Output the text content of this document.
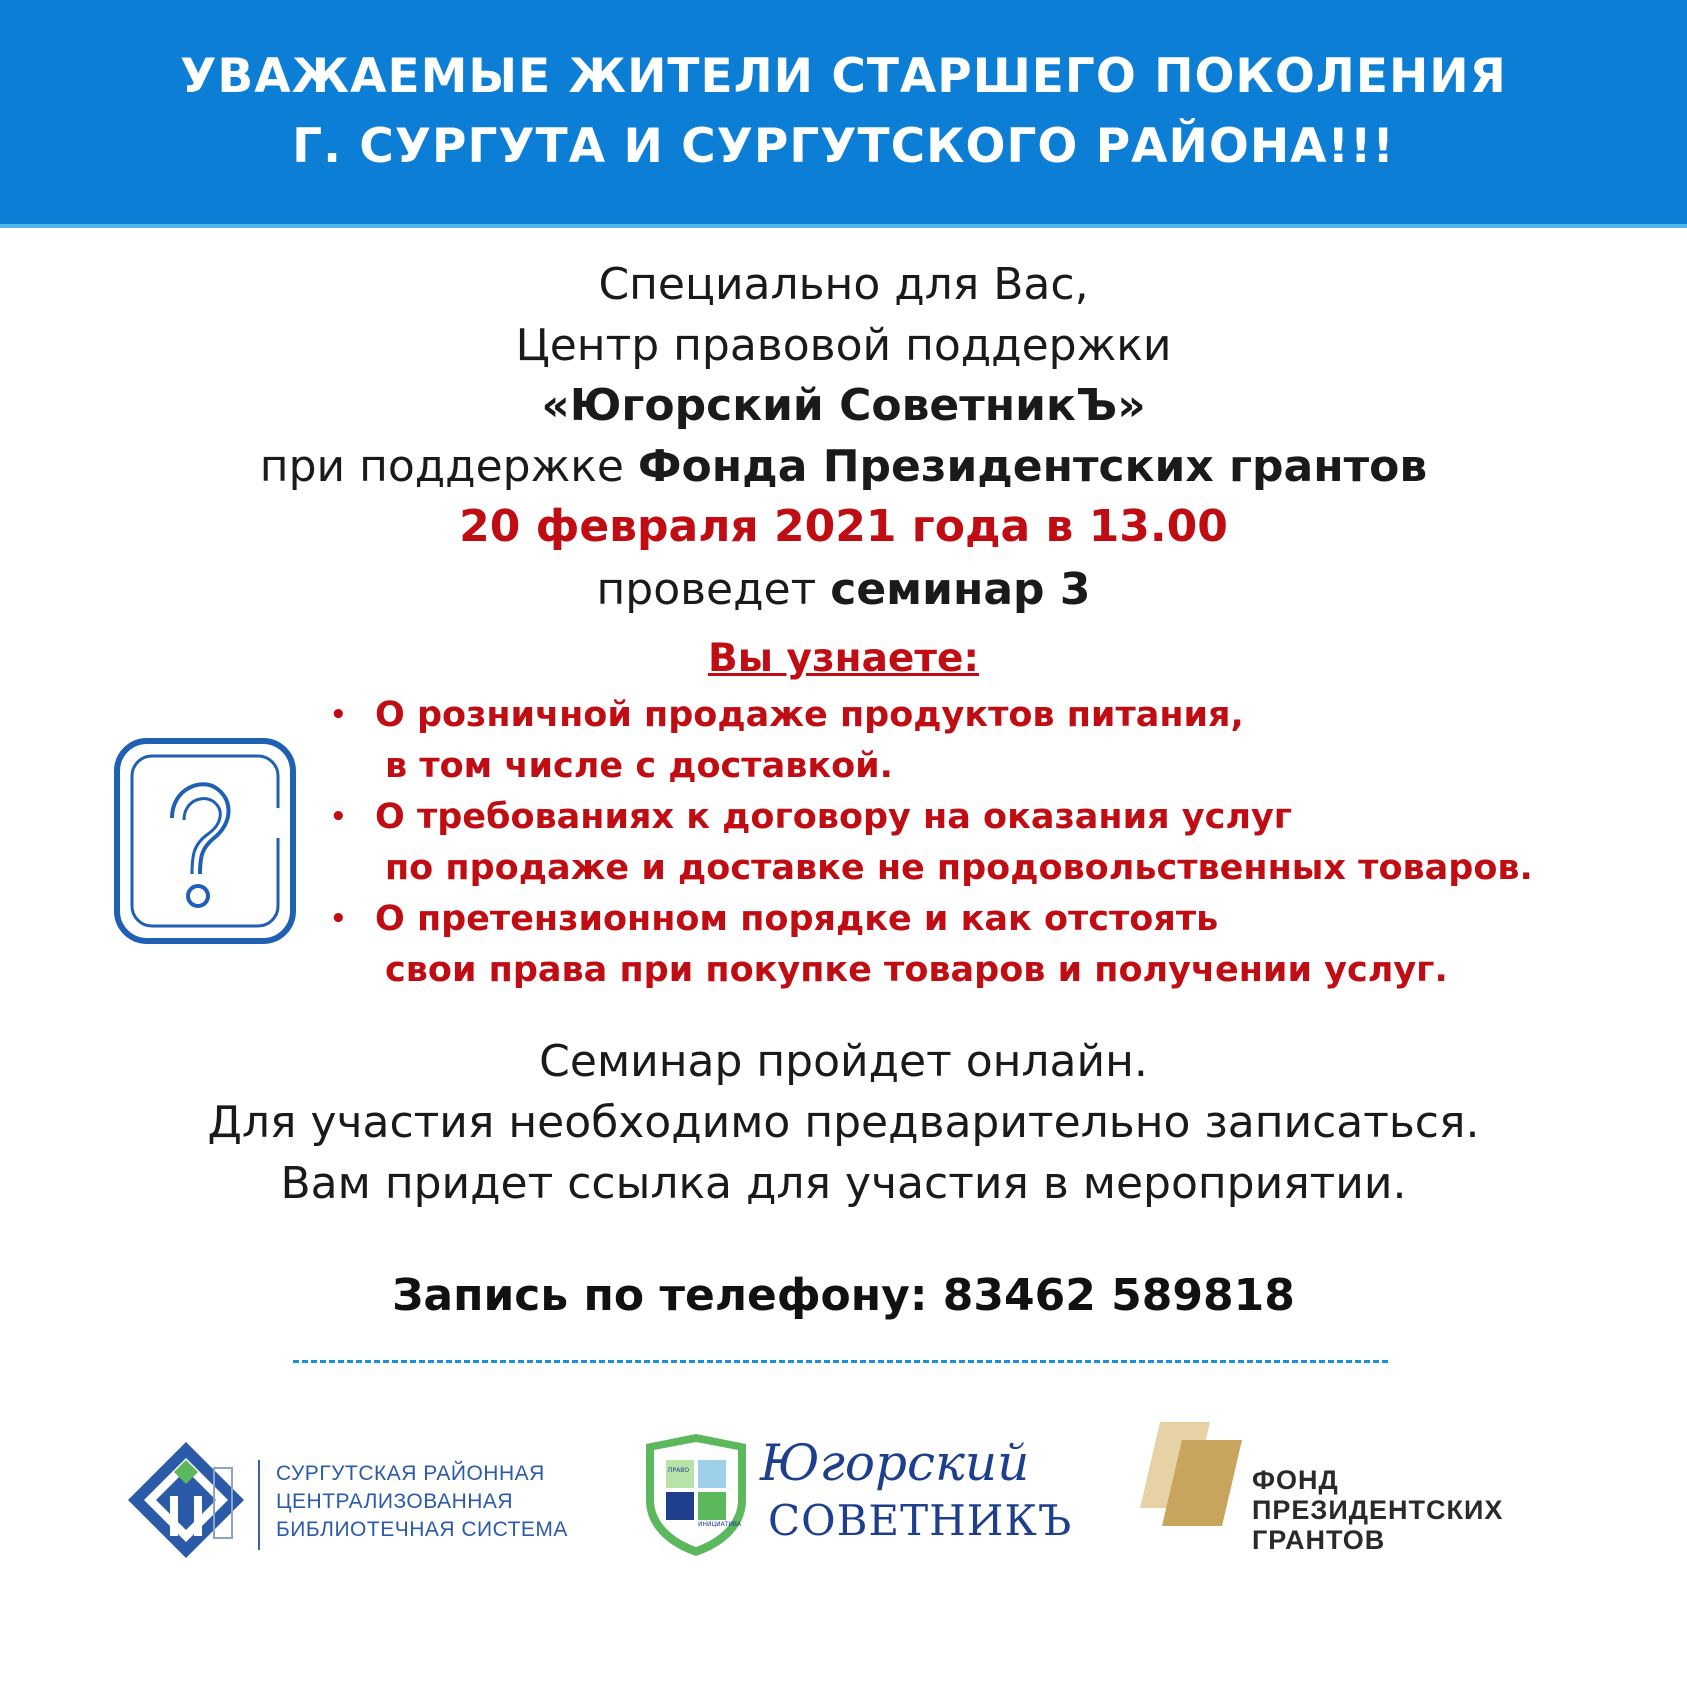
УВАЖАЕМЫЕ ЖИТЕЛИ СТАРШЕГО ПОКОЛЕНИЯ
Г. СУРГУТА И СУРГУТСКОГО РАЙОНА!!!
Специально для Вас,
Центр правовой поддержки
«Югорский СоветникЪ»
при поддержке Фонда Президентских грантов
20 февраля 2021 года в 13.00
проведет семинар 3
Вы узнаете:
• О розничной продаже продуктов питания,
в том числе с доставкой.
• О требованиях к договору на оказания услуг
по продаже и доставке не продовольственных товаров.
• О претензионном порядке и как отстоять
свои права при покупке товаров и получении услуг.
Семинар пройдет онлайн.
Для участия необходимо предварительно записаться.
Вам придет ссылка для участия в мероприятии.
Запись по телефону: 83462 589818
СУРГУТСКАЯ РАЙОННАЯ
ЦЕНТРАЛИЗОВАННАЯ
БИБЛИОТЕЧНАЯ СИСТЕМА
ПРАВО
ИНИЦИАТИВА
Югорский
СОВЕТНИКЪ
ФОНД
ПРЕЗИДЕНТСКИХ
ГРАНТОВ
